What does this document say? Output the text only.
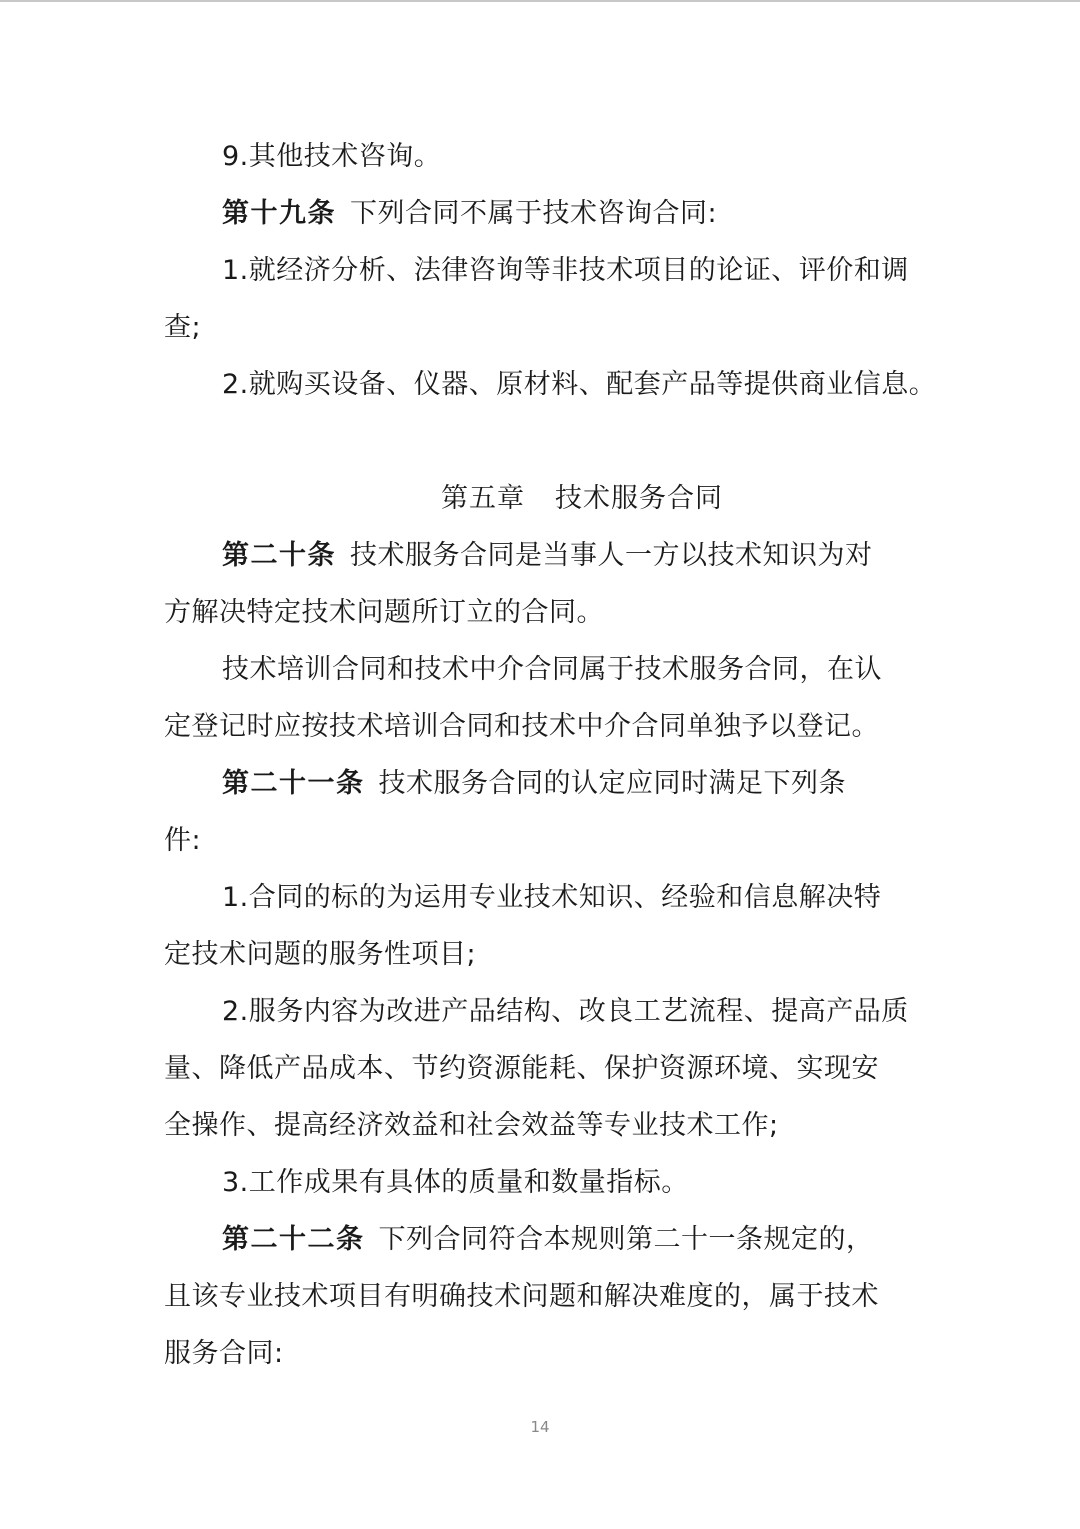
9.其他技术咨询。
第十九条 下列合同不属于技术咨询合同:
1.就经济分析、法律咨询等非技术项目的论证、评价和调
查;
2.就购买设备、仪器、原材料、配套产品等提供商业信息。
第五章 技术服务合同
第二十条 技术服务合同是当事人一方以技术知识为对
方解决特定技术问题所订立的合同。
技术培训合同和技术中介合同属于技术服务合同，在认
定登记时应按技术培训合同和技术中介合同单独予以登记。
第二十一条 技术服务合同的认定应同时满足下列条
件:
1.合同的标的为运用专业技术知识、经验和信息解决特
定技术问题的服务性项目;
2.服务内容为改进产品结构、改良工艺流程、提高产品质
量、降低产品成本、节约资源能耗、保护资源环境、实现安
全操作、提高经济效益和社会效益等专业技术工作;
3.工作成果有具体的质量和数量指标。
第二十二条 下列合同符合本规则第二十一条规定的，
且该专业技术项目有明确技术问题和解决难度的，属于技术
服务合同:
14
